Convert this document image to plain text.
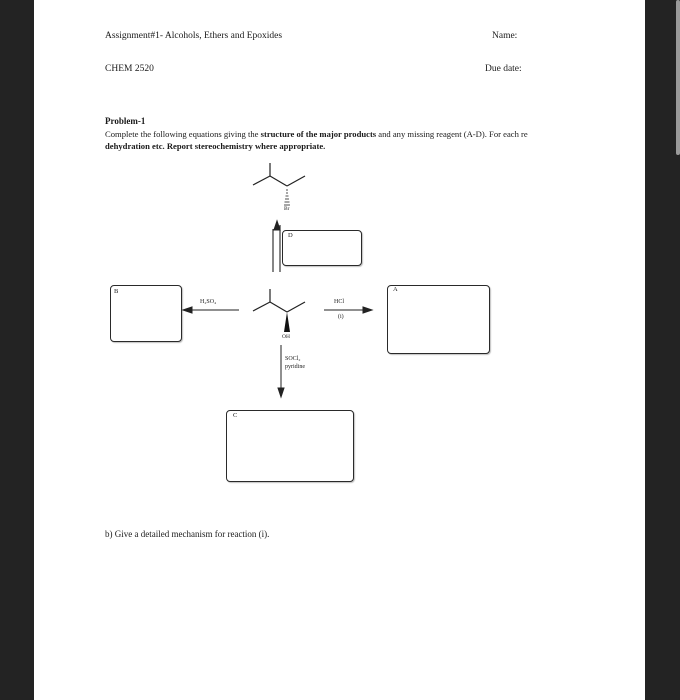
Assignment#1- Alcohols, Ethers and Epoxides	Name:
CHEM 2520	Due date:
Problem-1
Complete the following equations giving the structure of the major products and any missing reagent (A-D). For each re
dehydration etc. Report stereochemistry where appropriate.
D
B	A
C
H₂SO₄	HCl
(i)
SOCl₂
pyridine
OH
Br
b) Give a detailed mechanism for reaction (i).
